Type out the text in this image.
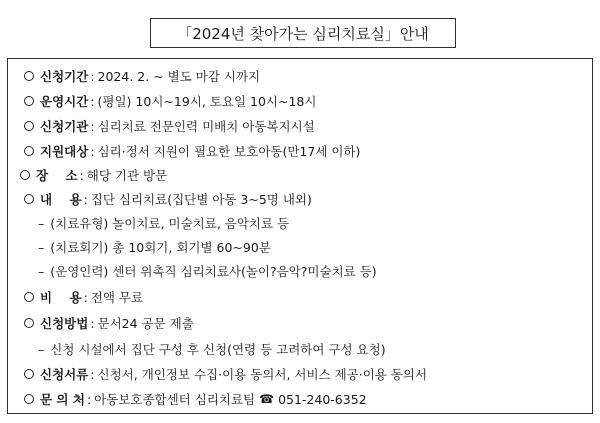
「2024년 찾아가는 심리치료실」안내
신청기간 : 2024. 2. ~ 별도 마감 시까지
운영시간 : (평일) 10시~19시, 토요일 10시~18시
신청기관 : 심리치료 전문인력 미배치 아동복지시설
지원대상 : 심리·정서 지원이 필요한 보호아동(만17세 이하)
장    소 : 해당 기관 방문
내    용 : 집단 심리치료(집단별 아동 3~5명 내외)
– (치료유형) 놀이치료, 미술치료, 음악치료 등
– (치료회기) 총 10회기, 회기별 60~90분
– (운영인력) 센터 위촉직 심리치료사(놀이?음악?미술치료 등)
비    용 : 전액 무료
신청방법 : 문서24 공문 제출
– 신청 시설에서 집단 구성 후 신청(연령 등 고려하여 구성 요청)
신청서류 : 신청서, 개인정보 수집·이용 동의서, 서비스 제공·이용 동의서
문 의 처 : 아동보호종합센터 심리치료팀 ☎ 051-240-6352
